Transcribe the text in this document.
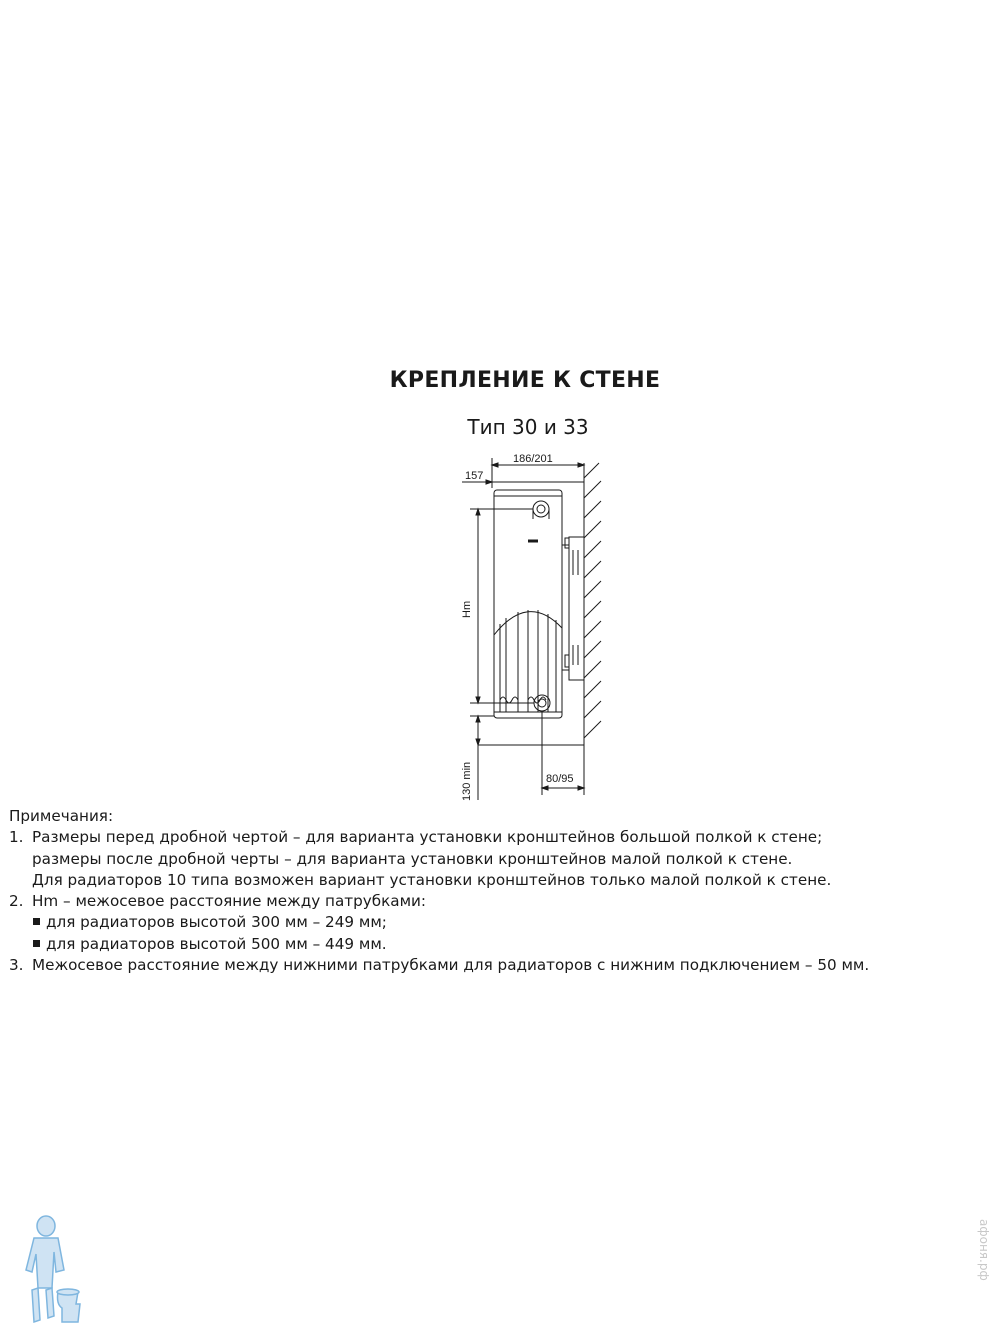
КРЕПЛЕНИЕ К СТЕНЕ
Тип 30 и 33
186/201
157
Hm
130 min	80/95
Примечания:
1. Размеры перед дробной чертой – для варианта установки кронштейнов большой полкой к стене;
размеры после дробной черты – для варианта установки кронштейнов малой полкой к стене.
Для радиаторов 10 типа возможен вариант установки кронштейнов только малой полкой к стене.
2. Hm – межосевое расстояние между патрубками:
для радиаторов высотой 300 мм – 249 мм;
для радиаторов высотой 500 мм – 449 мм.
3. Межосевое расстояние между нижними патрубками для радиаторов с нижним подключением – 50 мм.
афоня.рф
